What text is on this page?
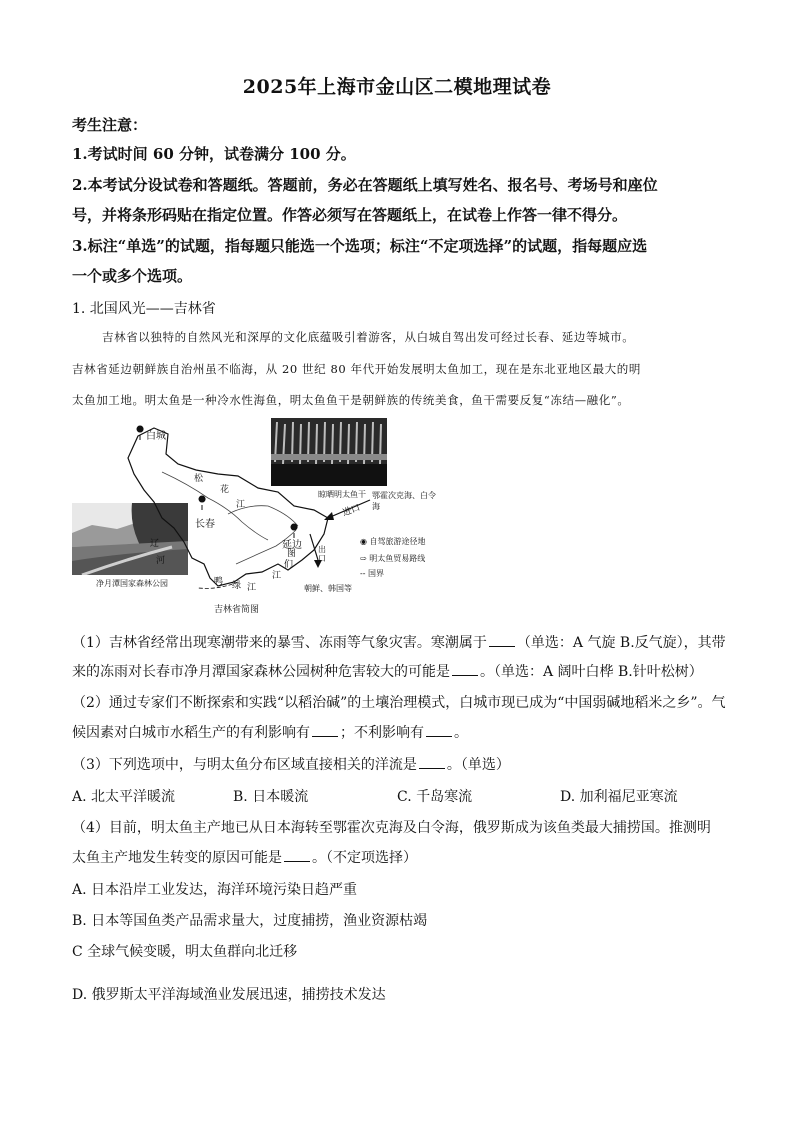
2025年上海市金山区二模地理试卷
考生注意：
1.考试时间 60 分钟，试卷满分 100 分。
2.本考试分设试卷和答题纸。答题前，务必在答题纸上填写姓名、报名号、考场号和座位
号，并将条形码贴在指定位置。作答必须写在答题纸上，在试卷上作答一律不得分。
3.标注“单选”的试题，指每题只能选一个选项；标注“不定项选择”的试题，指每题应选
一个或多个选项。
1. 北国风光——吉林省
吉林省以独特的自然风光和深厚的文化底蕴吸引着游客，从白城自驾出发可经过长春、延边等城市。
吉林省延边朝鲜族自治州虽不临海，从 20 世纪 80 年代开始发展明太鱼加工，现在是东北亚地区最大的明
太鱼加工地。明太鱼是一种冷水性海鱼，明太鱼鱼干是朝鲜族的传统美食，鱼干需要反复“冻结—融化”。
净月潭国家森林公园
晾晒明太鱼干
白城
长春
延边
松
花
江
辽
河
图
们
江
鸭 绿 江
鄂霍次克海、白令海
进口
出口
朝鲜、韩国等
◉ 自驾旅游途径地
⇨ 明太鱼贸易路线
-- 国界
吉林省简图
（1）吉林省经常出现寒潮带来的暴雪、冻雨等气象灾害。寒潮属于 （单选：A 气旋 B.反气旋），其带
来的冻雨对长春市净月潭国家森林公园树种危害较大的可能是 。（单选：A 阔叶白桦 B.针叶松树）
（2）通过专家们不断探索和实践“以稻治碱”的土壤治理模式，白城市现已成为“中国弱碱地稻米之乡”。气
候因素对白城市水稻生产的有利影响有 ；不利影响有 。
（3）下列选项中，与明太鱼分布区域直接相关的洋流是 。（单选）
A. 北太平洋暖流	B. 日本暖流	C. 千岛寒流	D. 加利福尼亚寒流
（4）目前，明太鱼主产地已从日本海转至鄂霍次克海及白令海，俄罗斯成为该鱼类最大捕捞国。推测明
太鱼主产地发生转变的原因可能是 。（不定项选择）
A. 日本沿岸工业发达，海洋环境污染日趋严重
B. 日本等国鱼类产品需求量大，过度捕捞，渔业资源枯竭
C 全球气候变暖，明太鱼群向北迁移
D. 俄罗斯太平洋海域渔业发展迅速，捕捞技术发达
